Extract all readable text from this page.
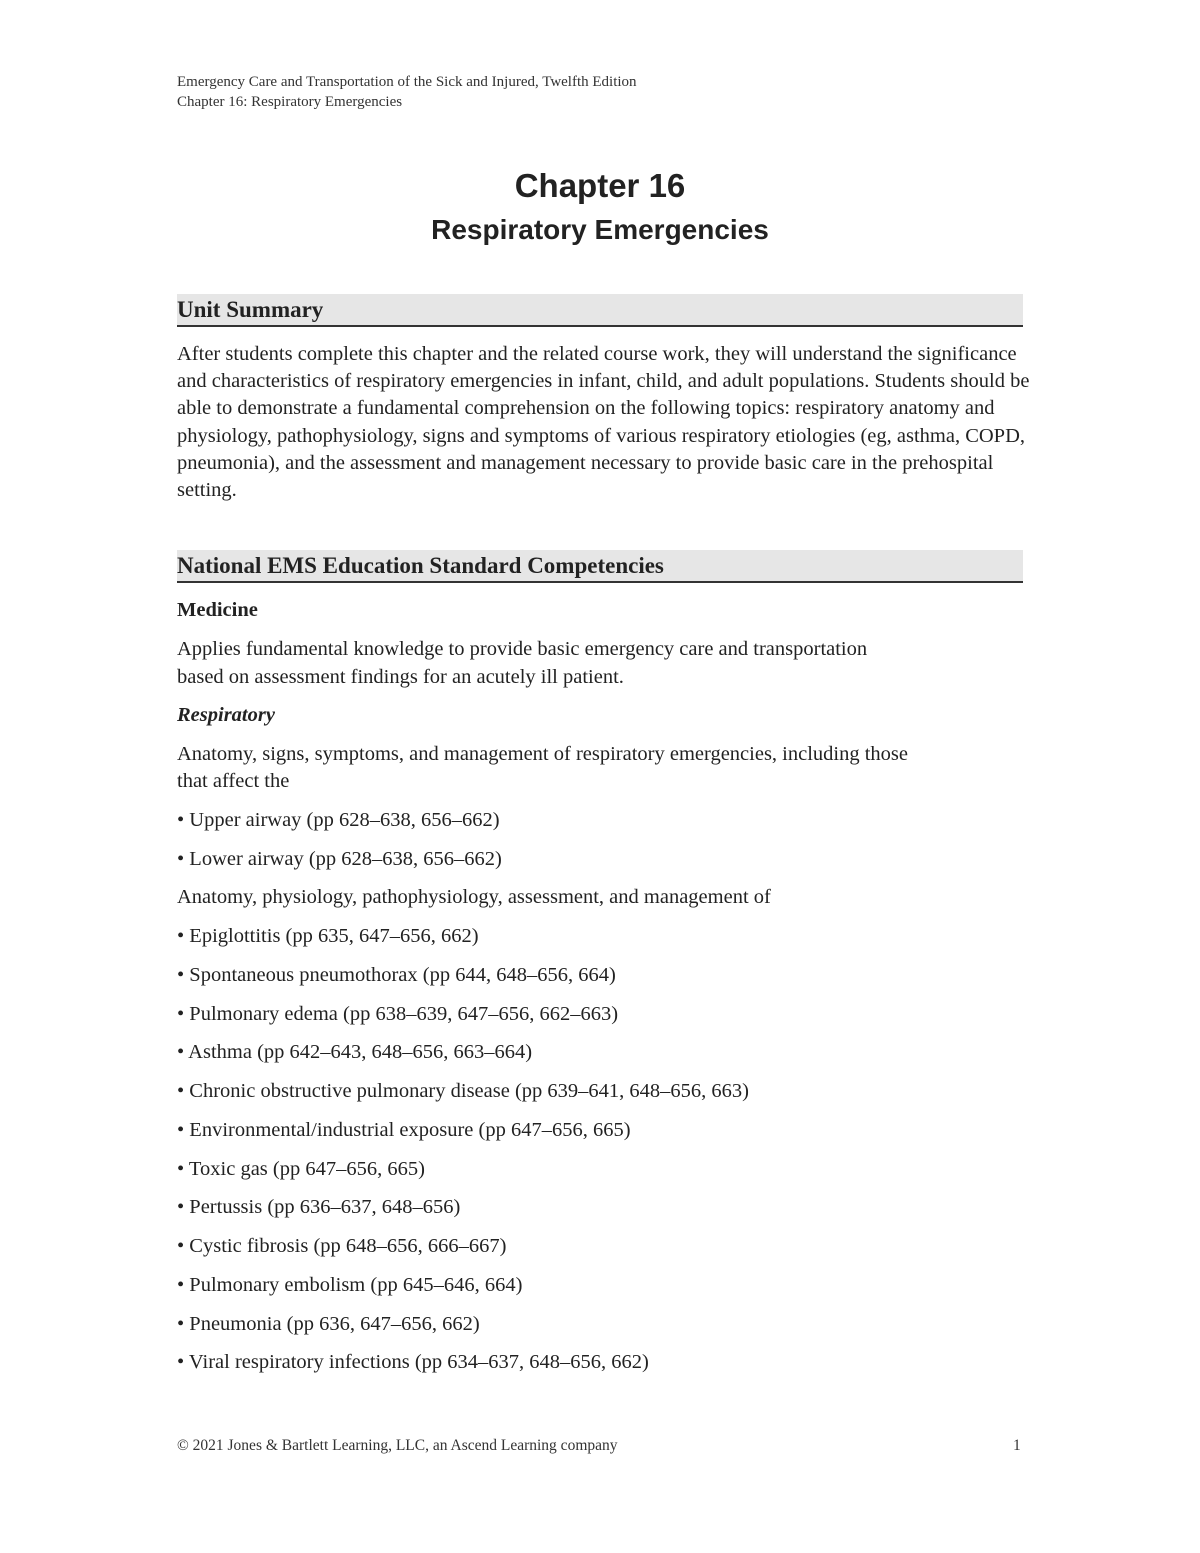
Emergency Care and Transportation of the Sick and Injured, Twelfth Edition
Chapter 16: Respiratory Emergencies
Chapter 16
Respiratory Emergencies
Unit Summary
After students complete this chapter and the related course work, they will understand the significance and characteristics of respiratory emergencies in infant, child, and adult populations. Students should be able to demonstrate a fundamental comprehension on the following topics: respiratory anatomy and physiology, pathophysiology, signs and symptoms of various respiratory etiologies (eg, asthma, COPD, pneumonia), and the assessment and management necessary to provide basic care in the prehospital setting.
National EMS Education Standard Competencies
Medicine
Applies fundamental knowledge to provide basic emergency care and transportation
based on assessment findings for an acutely ill patient.
Respiratory
Anatomy, signs, symptoms, and management of respiratory emergencies, including those
that affect the
• Upper airway (pp 628–638, 656–662)
• Lower airway (pp 628–638, 656–662)
Anatomy, physiology, pathophysiology, assessment, and management of
• Epiglottitis (pp 635, 647–656, 662)
• Spontaneous pneumothorax (pp 644, 648–656, 664)
• Pulmonary edema (pp 638–639, 647–656, 662–663)
• Asthma (pp 642–643, 648–656, 663–664)
• Chronic obstructive pulmonary disease (pp 639–641, 648–656, 663)
• Environmental/industrial exposure (pp 647–656, 665)
• Toxic gas (pp 647–656, 665)
• Pertussis (pp 636–637, 648–656)
• Cystic fibrosis (pp 648–656, 666–667)
• Pulmonary embolism (pp 645–646, 664)
• Pneumonia (pp 636, 647–656, 662)
• Viral respiratory infections (pp 634–637, 648–656, 662)
© 2021 Jones & Bartlett Learning, LLC, an Ascend Learning company	1
